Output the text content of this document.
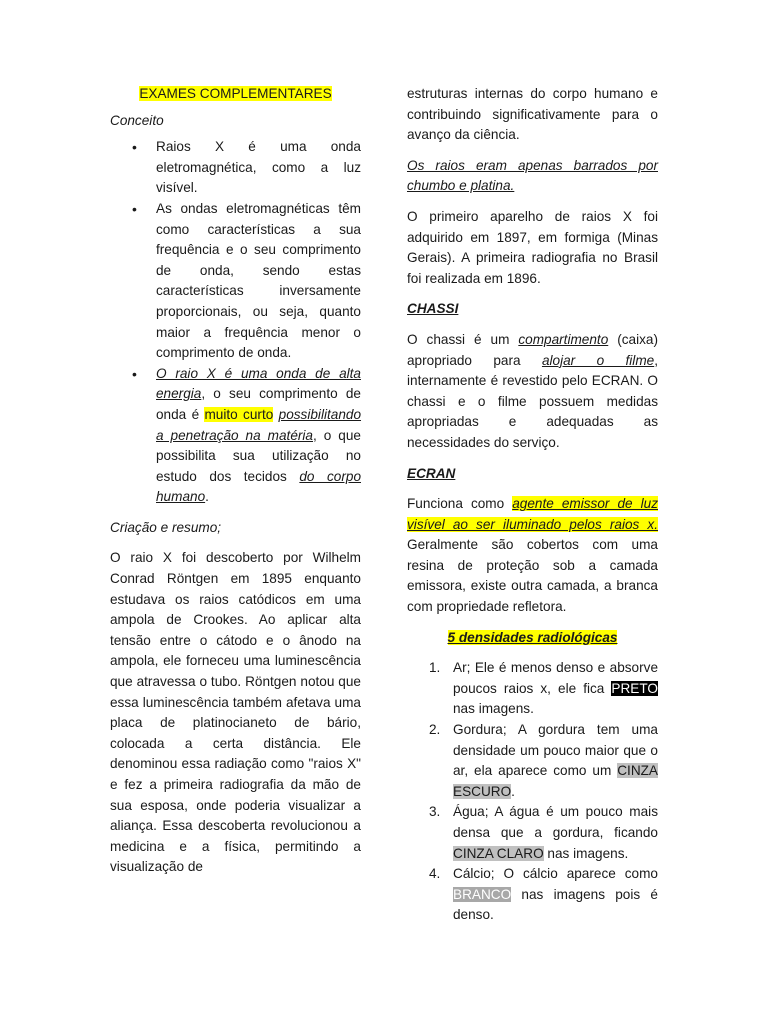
EXAMES COMPLEMENTARES

Conceito

• Raios X é uma onda eletromagnética, como a luz visível.
• As ondas eletromagnéticas têm como características a sua frequência e o seu comprimento de onda, sendo estas características inversamente proporcionais, ou seja, quanto maior a frequência menor o comprimento de onda.
• O raio X é uma onda de alta energia, o seu comprimento de onda é muito curto possibilitando a penetração na matéria, o que possibilita sua utilização no estudo dos tecidos do corpo humano.

Criação e resumo;

O raio X foi descoberto por Wilhelm Conrad Röntgen em 1895 enquanto estudava os raios catódicos em uma ampola de Crookes. Ao aplicar alta tensão entre o cátodo e o ânodo na ampola, ele forneceu uma luminescência que atravessa o tubo. Röntgen notou que essa luminescência também afetava uma placa de platinocianeto de bário, colocada a certa distância. Ele denominou essa radiação como "raios X" e fez a primeira radiografia da mão de sua esposa, onde poderia visualizar a aliança. Essa descoberta revolucionou a medicina e a física, permitindo a visualização de

estruturas internas do corpo humano e contribuindo significativamente para o avanço da ciência.

Os raios eram apenas barrados por chumbo e platina.

O primeiro aparelho de raios X foi adquirido em 1897, em formiga (Minas Gerais). A primeira radiografia no Brasil foi realizada em 1896.

CHASSI

O chassi é um compartimento (caixa) apropriado para alojar o filme, internamente é revestido pelo ECRAN. O chassi e o filme possuem medidas apropriadas e adequadas as necessidades do serviço.

ECRAN

Funciona como agente emissor de luz visível ao ser iluminado pelos raios x. Geralmente são cobertos com uma resina de proteção sob a camada emissora, existe outra camada, a branca com propriedade refletora.

5 densidades radiológicas

1. Ar; Ele é menos denso e absorve poucos raios x, ele fica PRETO nas imagens.
2. Gordura; A gordura tem uma densidade um pouco maior que o ar, ela aparece como um CINZA ESCURO.
3. Água; A água é um pouco mais densa que a gordura, ficando CINZA CLARO nas imagens.
4. Cálcio; O cálcio aparece como BRANCO nas imagens pois é denso.
